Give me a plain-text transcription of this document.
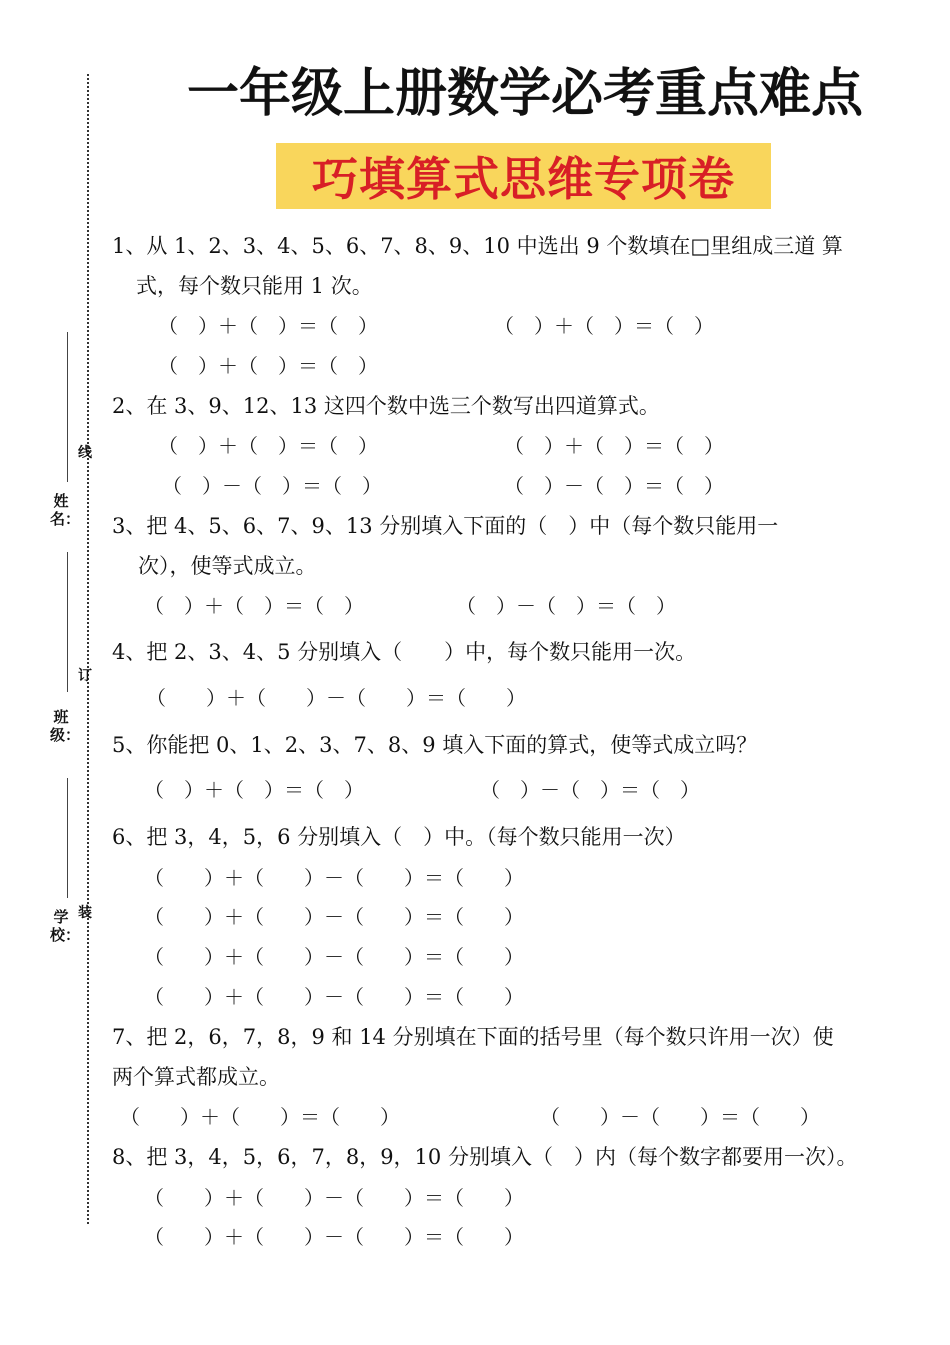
一年级上册数学必考重点难点
巧填算式思维专项卷
姓名：
班级：
学校：
线
订
装
1、从 1、2、3、4、5、6、7、8、9、10 中选出 9 个数填在□里组成三道 算
式，每个数只能用 1 次。
（　）＋（　）＝（　）	（　）＋（　）＝（　）
（　）＋（　）＝（　）
2、在 3、9、12、13 这四个数中选三个数写出四道算式。
（　）＋（　）＝（　）	（　）＋（　）＝（　）
（　）－（　）＝（　）	（　）－（　）＝（　）
3、把 4、5、6、7、9、13 分别填入下面的（　）中（每个数只能用一
次），使等式成立。
（　）＋（　）＝（　）	（　）－（　）＝（　）
4、把 2、3、4、5 分别填入（　　）中，每个数只能用一次。
（　　）＋（　　）－（　　）＝（　　）
5、你能把 0、1、2、3、7、8、9 填入下面的算式，使等式成立吗？
（　）＋（　）＝（　）	（　）－（　）＝（　）
6、把 3，4，5，6 分别填入（　）中。（每个数只能用一次）
（　　）＋（　　）－（　　）＝（　　）
（　　）＋（　　）－（　　）＝（　　）
（　　）＋（　　）－（　　）＝（　　）
（　　）＋（　　）－（　　）＝（　　）
7、把 2，6，7，8，9 和 14 分别填在下面的括号里（每个数只许用一次）使
两个算式都成立。
（　　）＋（　　）＝（　　）	（　　）－（　　）＝（　　）
8、把 3，4，5，6，7，8，9，10 分别填入（　）内（每个数字都要用一次）。
（　　）＋（　　）－（　　）＝（　　）
（　　）＋（　　）－（　　）＝（　　）
